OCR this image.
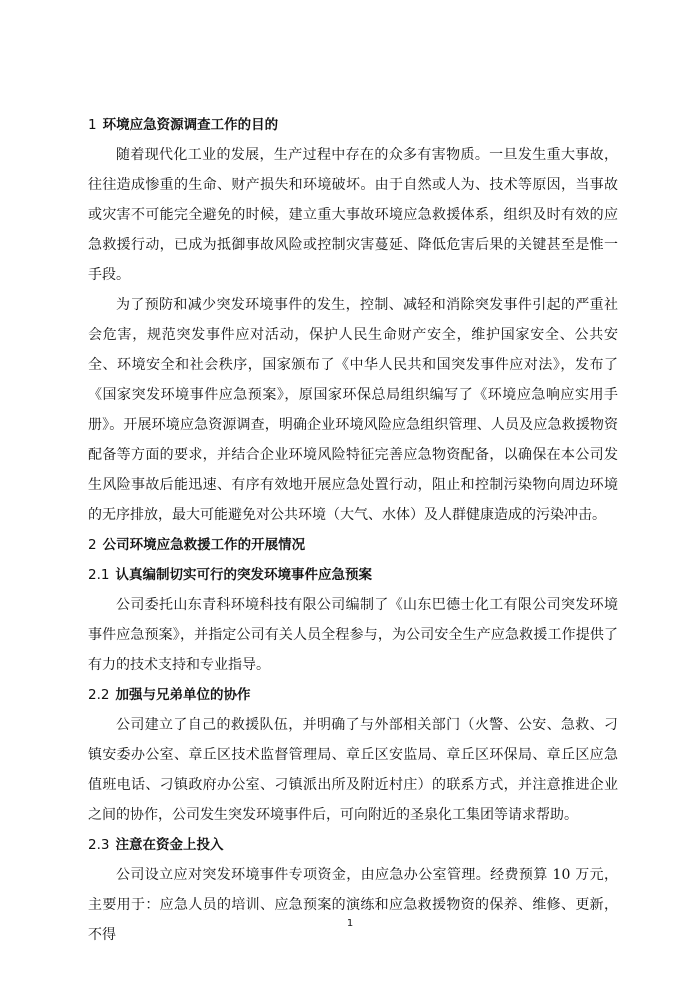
1 环境应急资源调查工作的目的

随着现代化工业的发展，生产过程中存在的众多有害物质。一旦发生重大事故，往往造成惨重的生命、财产损失和环境破坏。由于自然或人为、技术等原因，当事故或灾害不可能完全避免的时候，建立重大事故环境应急救援体系，组织及时有效的应急救援行动，已成为抵御事故风险或控制灾害蔓延、降低危害后果的关键甚至是惟一手段。

为了预防和减少突发环境事件的发生，控制、减轻和消除突发事件引起的严重社会危害，规范突发事件应对活动，保护人民生命财产安全，维护国家安全、公共安全、环境安全和社会秩序，国家颁布了《中华人民共和国突发事件应对法》，发布了《国家突发环境事件应急预案》，原国家环保总局组织编写了《环境应急响应实用手册》。开展环境应急资源调查，明确企业环境风险应急组织管理、人员及应急救援物资配备等方面的要求，并结合企业环境风险特征完善应急物资配备，以确保在本公司发生风险事故后能迅速、有序有效地开展应急处置行动，阻止和控制污染物向周边环境的无序排放，最大可能避免对公共环境（大气、水体）及人群健康造成的污染冲击。

2 公司环境应急救援工作的开展情况
2.1 认真编制切实可行的突发环境事件应急预案

公司委托山东青科环境科技有限公司编制了《山东巴德士化工有限公司突发环境事件应急预案》，并指定公司有关人员全程参与，为公司安全生产应急救援工作提供了有力的技术支持和专业指导。

2.2 加强与兄弟单位的协作

公司建立了自己的救援队伍，并明确了与外部相关部门（火警、公安、急救、刁镇安委办公室、章丘区技术监督管理局、章丘区安监局、章丘区环保局、章丘区应急值班电话、刁镇政府办公室、刁镇派出所及附近村庄）的联系方式，并注意推进企业之间的协作，公司发生突发环境事件后，可向附近的圣泉化工集团等请求帮助。

2.3 注意在资金上投入

公司设立应对突发环境事件专项资金，由应急办公室管理。经费预算 10 万元，主要用于：应急人员的培训、应急预案的演练和应急救援物资的保养、维修、更新，不得

1
